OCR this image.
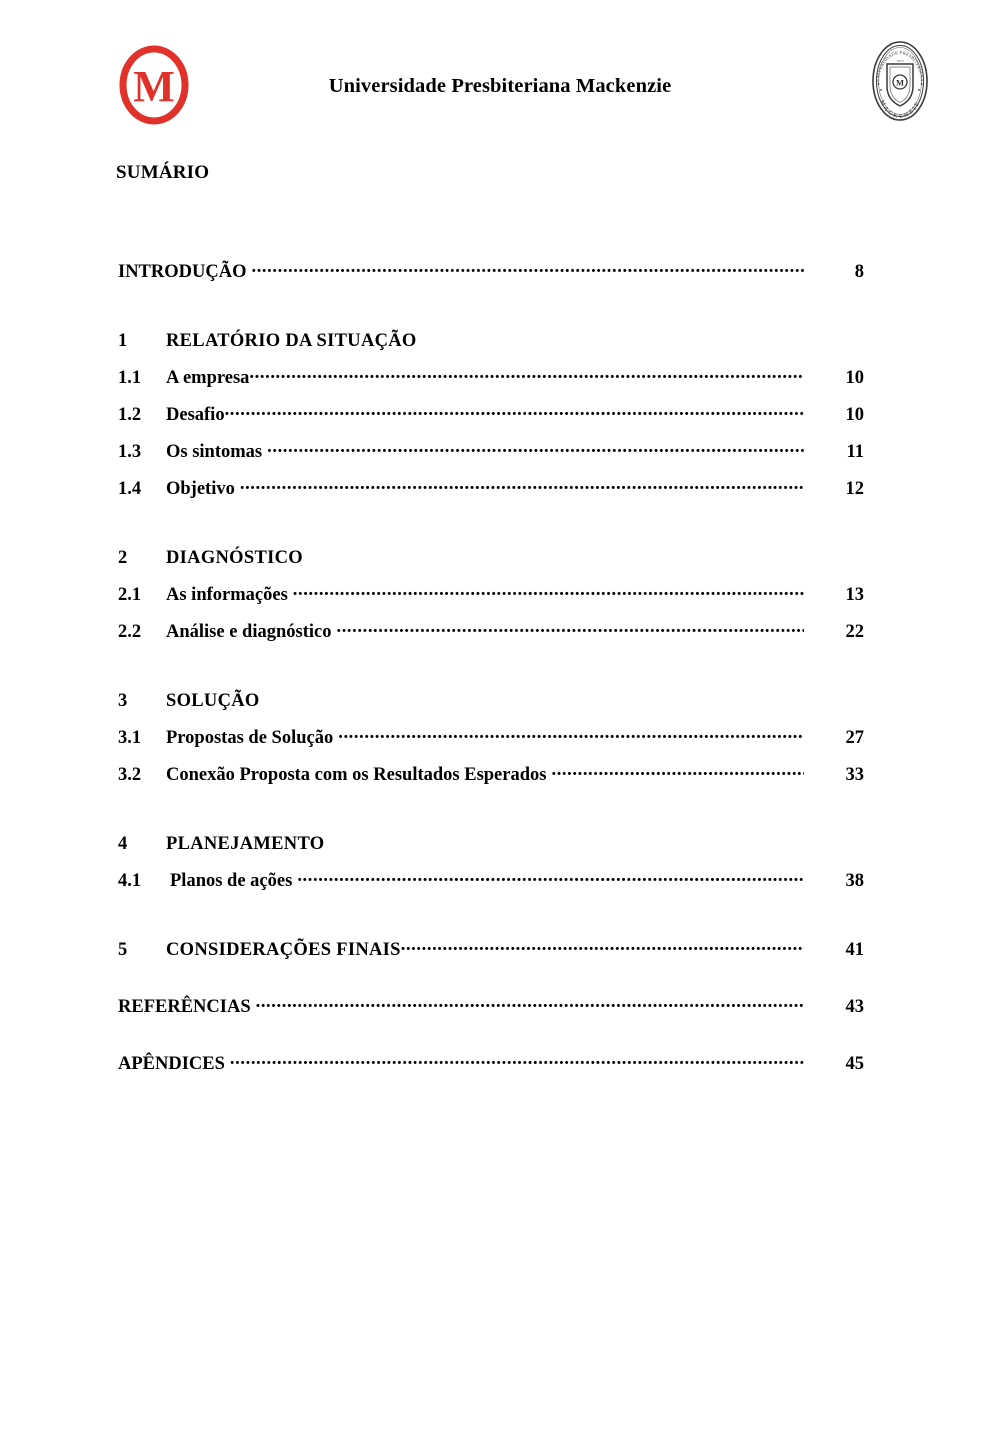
M	Universidade Presbiteriana Mackenzie	UNIVERSIDADE PRESBITERIANA
MACKENZIE
M
1870
SUMÁRIO
INTRODUÇÃO .....	8
1	RELATÓRIO DA SITUAÇÃO
1.1	A empresa .....	10
1.2	Desafio .....	10
1.3	Os sintomas .....	11
1.4	Objetivo .....	12
2	DIAGNÓSTICO
2.1	As informações .....	13
2.2	Análise e diagnóstico .....	22
3	SOLUÇÃO
3.1	Propostas de Solução .....	27
3.2	Conexão Proposta com os Resultados Esperados .....	33
4	PLANEJAMENTO
4.1	Planos de ações .....	38
5	CONSIDERAÇÕES FINAIS .....	41
REFERÊNCIAS .....	43
APÊNDICES .....	45
